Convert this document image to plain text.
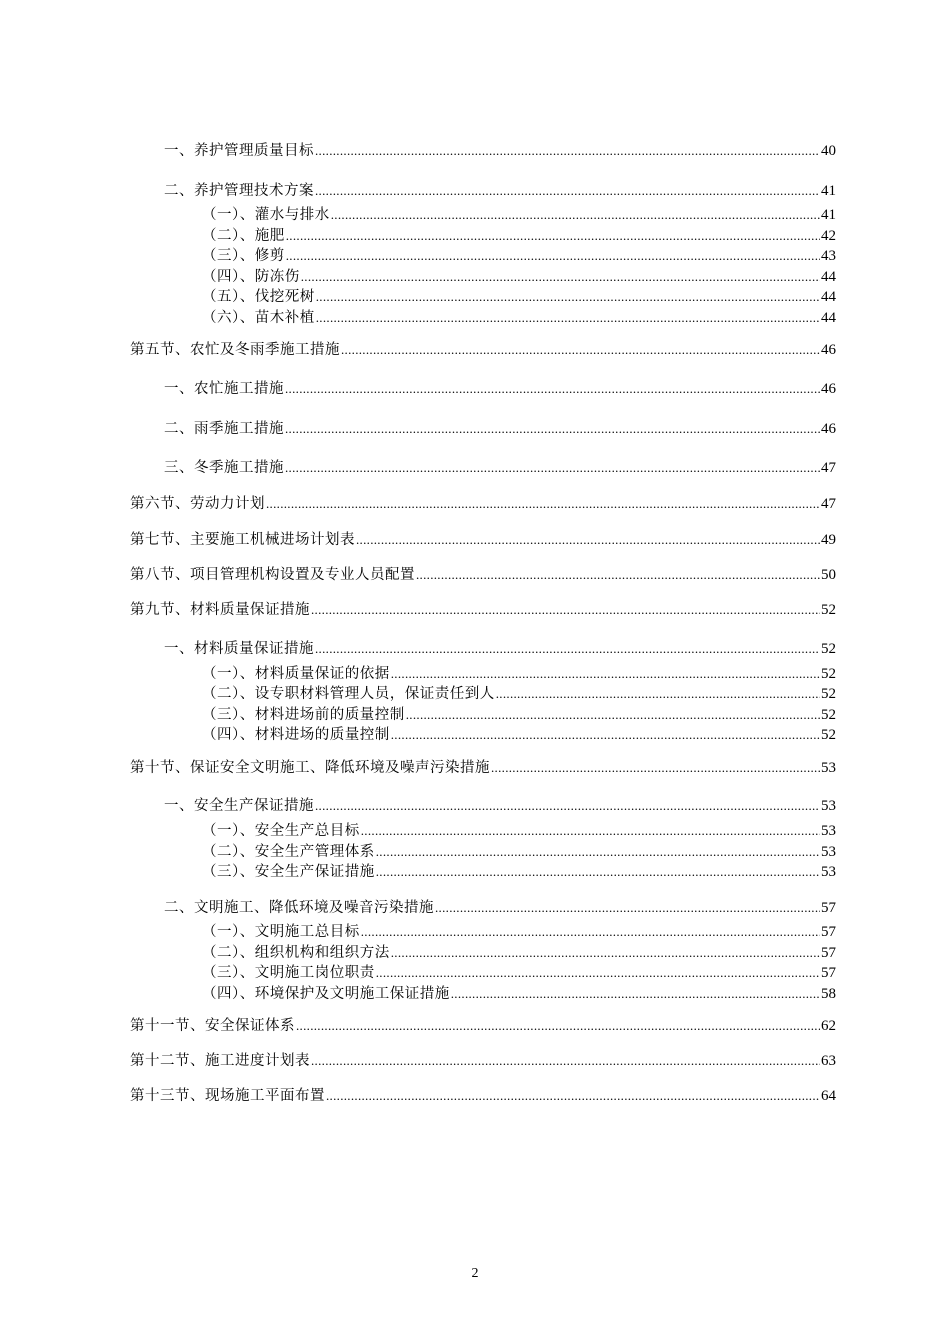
一、养护管理质量目标 .....	40
二、养护管理技术方案 .....	41
（一）、灌水与排水 .....	41
（二）、施肥 .....	42
（三）、修剪 .....	43
（四）、防冻伤 .....	44
（五）、伐挖死树 .....	44
（六）、苗木补植 .....	44
第五节、农忙及冬雨季施工措施 .....	46
一、农忙施工措施 .....	46
二、雨季施工措施 .....	46
三、冬季施工措施 .....	47
第六节、劳动力计划 .....	47
第七节、主要施工机械进场计划表 .....	49
第八节、项目管理机构设置及专业人员配置 .....	50
第九节、材料质量保证措施 .....	52
一、材料质量保证措施 .....	52
（一）、材料质量保证的依据 .....	52
（二）、设专职材料管理人员，保证责任到人 .....	52
（三）、材料进场前的质量控制 .....	52
（四）、材料进场的质量控制 .....	52
第十节、保证安全文明施工、降低环境及噪声污染措施 .....	53
一、安全生产保证措施 .....	53
（一）、安全生产总目标 .....	53
（二）、安全生产管理体系 .....	53
（三）、安全生产保证措施 .....	53
二、文明施工、降低环境及噪音污染措施 .....	57
（一）、文明施工总目标 .....	57
（二）、组织机构和组织方法 .....	57
（三）、文明施工岗位职责 .....	57
（四）、环境保护及文明施工保证措施 .....	58
第十一节、安全保证体系 .....	62
第十二节、施工进度计划表 .....	63
第十三节、现场施工平面布置 .....	64
2
